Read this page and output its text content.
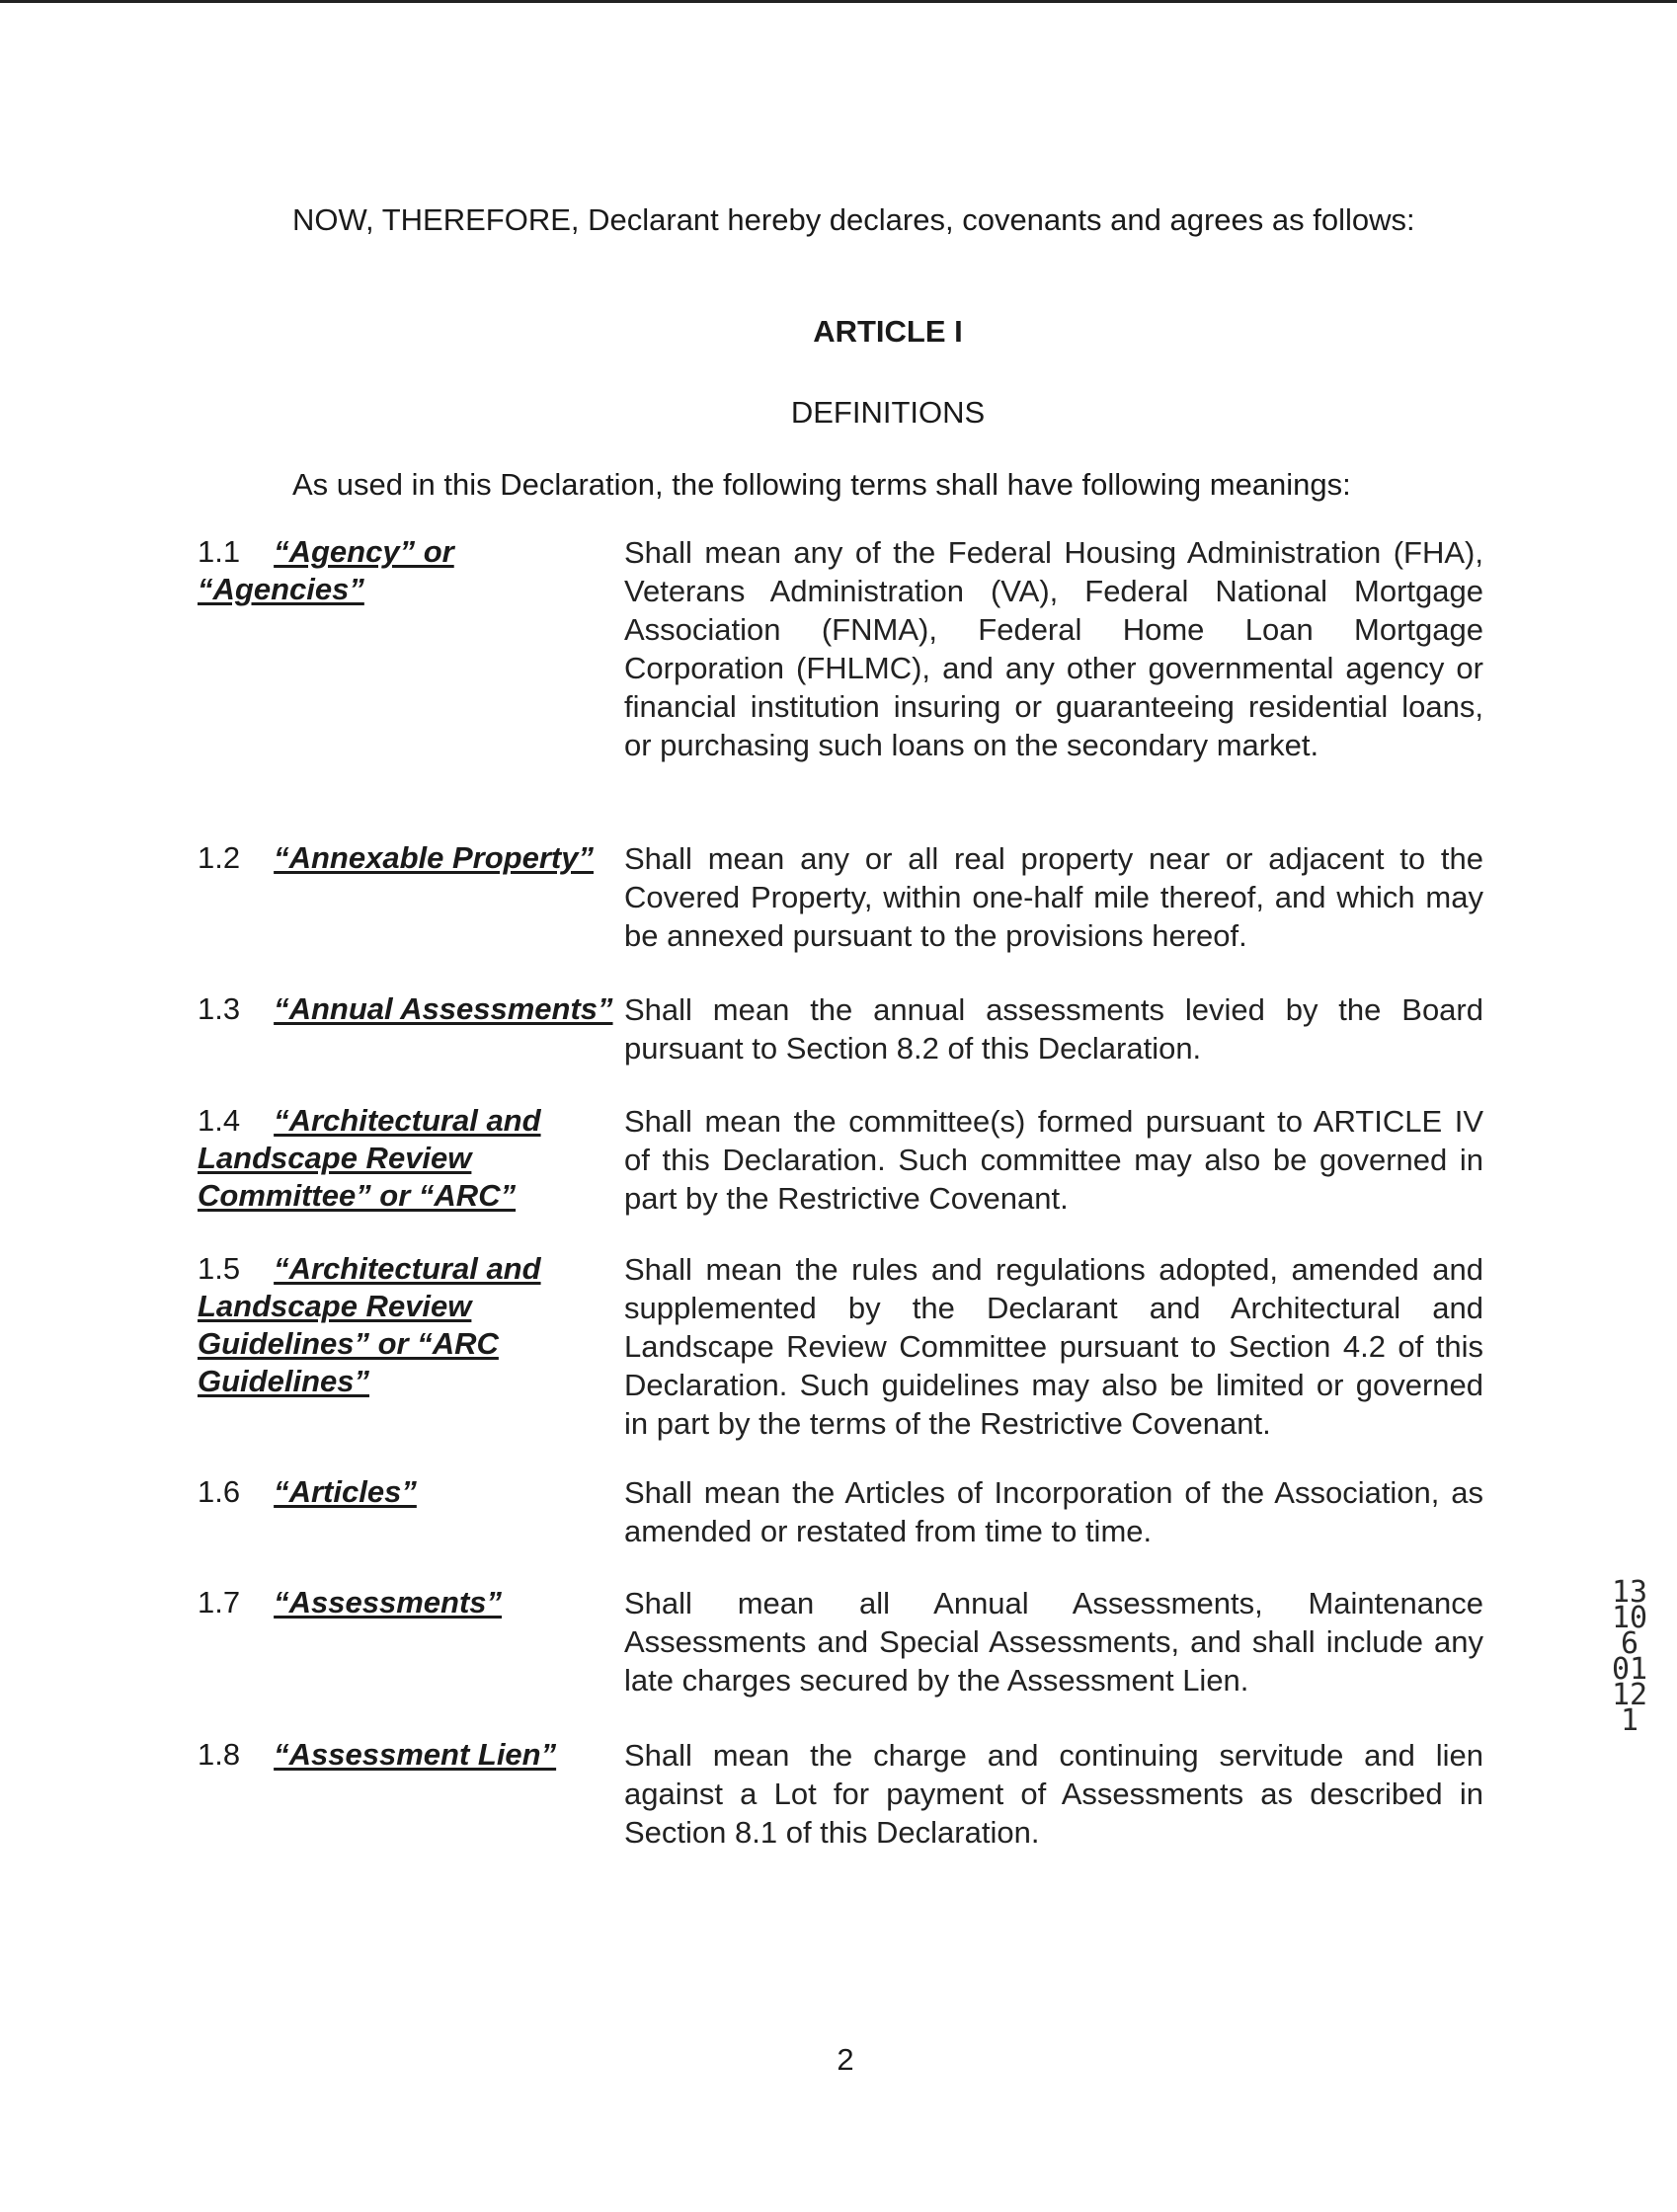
NOW, THEREFORE, Declarant hereby declares, covenants and agrees as follows:
ARTICLE I
DEFINITIONS
As used in this Declaration, the following terms shall have following meanings:
1.1 “Agency” or “Agencies”
Shall mean any of the Federal Housing Administration (FHA), Veterans Administration (VA), Federal National Mortgage Association (FNMA), Federal Home Loan Mortgage Corporation (FHLMC), and any other governmental agency or financial institution insuring or guaranteeing residential loans, or purchasing such loans on the secondary market.
1.2 “Annexable Property”	Shall mean any or all real property near or adjacent to the Covered Property, within one-half mile thereof, and which may be annexed pursuant to the provisions hereof.
1.3 “Annual Assessments” Shall mean the annual assessments levied by the Board pursuant to Section 8.2 of this Declaration.
1.4 “Architectural and Landscape Review Committee” or “ARC”
Shall mean the committee(s) formed pursuant to ARTICLE IV of this Declaration. Such committee may also be governed in part by the Restrictive Covenant.
1.5 “Architectural and Landscape Review Guidelines” or “ARC Guidelines”
Shall mean the rules and regulations adopted, amended and supplemented by the Declarant and Architectural and Landscape Review Committee pursuant to Section 4.2 of this Declaration. Such guidelines may also be limited or governed in part by the terms of the Restrictive Covenant.
1.6 “Articles”	Shall mean the Articles of Incorporation of the Association, as amended or restated from time to time.
1.7 “Assessments”	Shall mean all Annual Assessments, Maintenance Assessments and Special Assessments, and shall include any late charges secured by the Assessment Lien.
1.8 “Assessment Lien”	Shall mean the charge and continuing servitude and lien against a Lot for payment of Assessments as described in Section 8.1 of this Declaration.
13106 01121
2
